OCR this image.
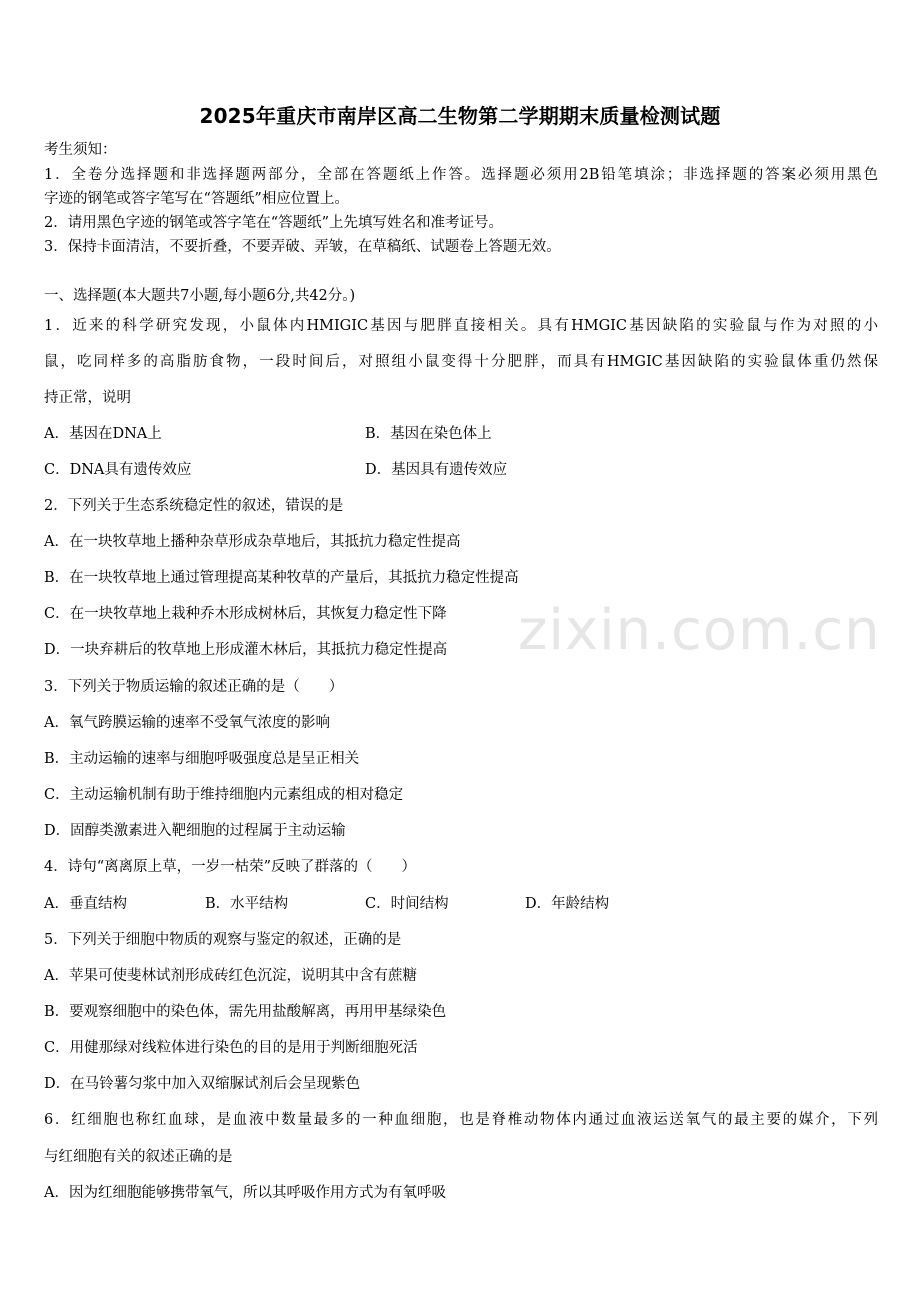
zixin.com.cn
2025年重庆市南岸区高二生物第二学期期末质量检测试题
考生须知：
1．全卷分选择题和非选择题两部分，全部在答题纸上作答。选择题必须用2B铅笔填涂；非选择题的答案必须用黑色
字迹的钢笔或答字笔写在“答题纸”相应位置上。
2．请用黑色字迹的钢笔或答字笔在“答题纸”上先填写姓名和准考证号。
3．保持卡面清洁，不要折叠，不要弄破、弄皱，在草稿纸、试题卷上答题无效。
一、选择题(本大题共7小题,每小题6分,共42分。)
1．近来的科学研究发现，小鼠体内HMIGIC基因与肥胖直接相关。具有HMGIC基因缺陷的实验鼠与作为对照的小
鼠，吃同样多的高脂肪食物，一段时间后，对照组小鼠变得十分肥胖，而具有HMGIC基因缺陷的实验鼠体重仍然保
持正常，说明
A．基因在DNA上	B．基因在染色体上
C．DNA具有遗传效应	D．基因具有遗传效应
2．下列关于生态系统稳定性的叙述，错误的是
A．在一块牧草地上播种杂草形成杂草地后，其抵抗力稳定性提高
B．在一块牧草地上通过管理提高某种牧草的产量后，其抵抗力稳定性提高
C．在一块牧草地上栽种乔木形成树林后，其恢复力稳定性下降
D．一块弃耕后的牧草地上形成灌木林后，其抵抗力稳定性提高
3．下列关于物质运输的叙述正确的是（　　）
A．氧气跨膜运输的速率不受氧气浓度的影响
B．主动运输的速率与细胞呼吸强度总是呈正相关
C．主动运输机制有助于维持细胞内元素组成的相对稳定
D．固醇类激素进入靶细胞的过程属于主动运输
4．诗句“离离原上草，一岁一枯荣”反映了群落的（　　）
A．垂直结构	B．水平结构	C．时间结构	D．年龄结构
5．下列关于细胞中物质的观察与鉴定的叙述，正确的是
A．苹果可使斐林试剂形成砖红色沉淀，说明其中含有蔗糖
B．要观察细胞中的染色体，需先用盐酸解离，再用甲基绿染色
C．用健那绿对线粒体进行染色的目的是用于判断细胞死活
D．在马铃薯匀浆中加入双缩脲试剂后会呈现紫色
6．红细胞也称红血球，是血液中数量最多的一种血细胞，也是脊椎动物体内通过血液运送氧气的最主要的媒介，下列
与红细胞有关的叙述正确的是
A．因为红细胞能够携带氧气，所以其呼吸作用方式为有氧呼吸
